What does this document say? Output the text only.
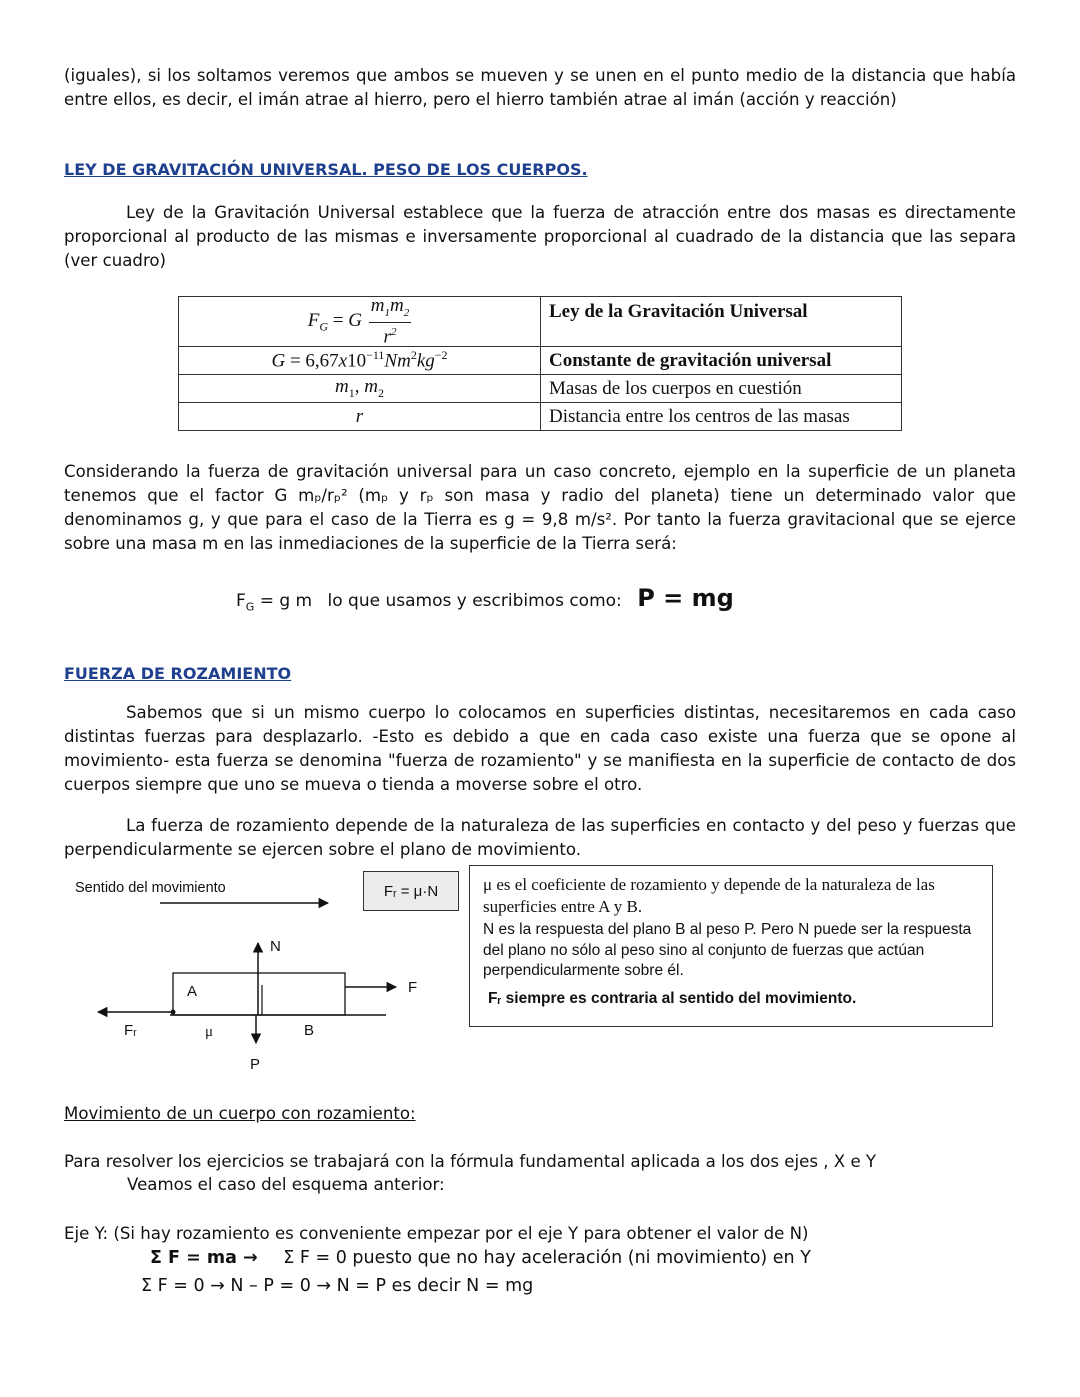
(iguales), si los soltamos veremos que ambos se mueven y se unen en el punto medio de la distancia que había entre ellos, es decir, el imán atrae al hierro, pero el hierro también atrae al imán (acción y reacción)
LEY DE GRAVITACIÓN UNIVERSAL. PESO DE LOS CUERPOS.
Ley de la Gravitación Universal establece que la fuerza de atracción entre dos masas es directamente proporcional al producto de las mismas e inversamente proporcional al cuadrado de la distancia que las separa (ver cuadro)
$F_G = G \frac{m_1m_2}{r^2}$	Ley de la Gravitación Universal
$G = 6,67x10^{-11}Nm^2kg^{-2}$	Constante de gravitación universal
$m_1$, $m_2$	Masas de los cuerpos en cuestión
r	Distancia entre los centros de las masas
Considerando la fuerza de gravitación universal para un caso concreto, ejemplo en la superficie de un planeta tenemos que el factor G mₚ/rₚ² (mₚ y rₚ son masa y radio del planeta) tiene un determinado valor que denominamos g, y que para el caso de la Tierra es g = 9,8 m/s². Por tanto la fuerza gravitacional que se ejerce sobre una masa m en las inmediaciones de la superficie de la Tierra será:
$F_G = g$ m lo que usamos y escribimos como: P = mg
FUERZA DE ROZAMIENTO
Sabemos que si un mismo cuerpo lo colocamos en superficies distintas, necesitaremos en cada caso distintas fuerzas para desplazarlo. -Esto es debido a que en cada caso existe una fuerza que se opone al movimiento- esta fuerza se denomina "fuerza de rozamiento" y se manifiesta en la superficie de contacto de dos cuerpos siempre que uno se mueva o tienda a moverse sobre el otro.
La fuerza de rozamiento depende de la naturaleza de las superficies en contacto y del peso y fuerzas que perpendicularmente se ejercen sobre el plano de movimiento.
Sentido del movimiento	Fᵣ = μ·N
N
A	F
Fᵣ	μ	B
P
μ es el coeficiente de rozamiento y depende de la naturaleza de las superficies entre A y B.
N es la respuesta del plano B al peso P. Pero N puede ser la respuesta del plano no sólo al peso sino al conjunto de fuerzas que actúan perpendicularmente sobre él.
Fᵣ siempre es contraria al sentido del movimiento.
Movimiento de un cuerpo con rozamiento:
Para resolver los ejercicios se trabajará con la fórmula fundamental aplicada a los dos ejes , X e Y
Veamos el caso del esquema anterior:
Eje Y: (Si hay rozamiento es conveniente empezar por el eje Y para obtener el valor de N)
Σ F = ma → Σ F = 0 puesto que no hay aceleración (ni movimiento) en Y
Σ F = 0 → N – P = 0 → N = P es decir N = mg
